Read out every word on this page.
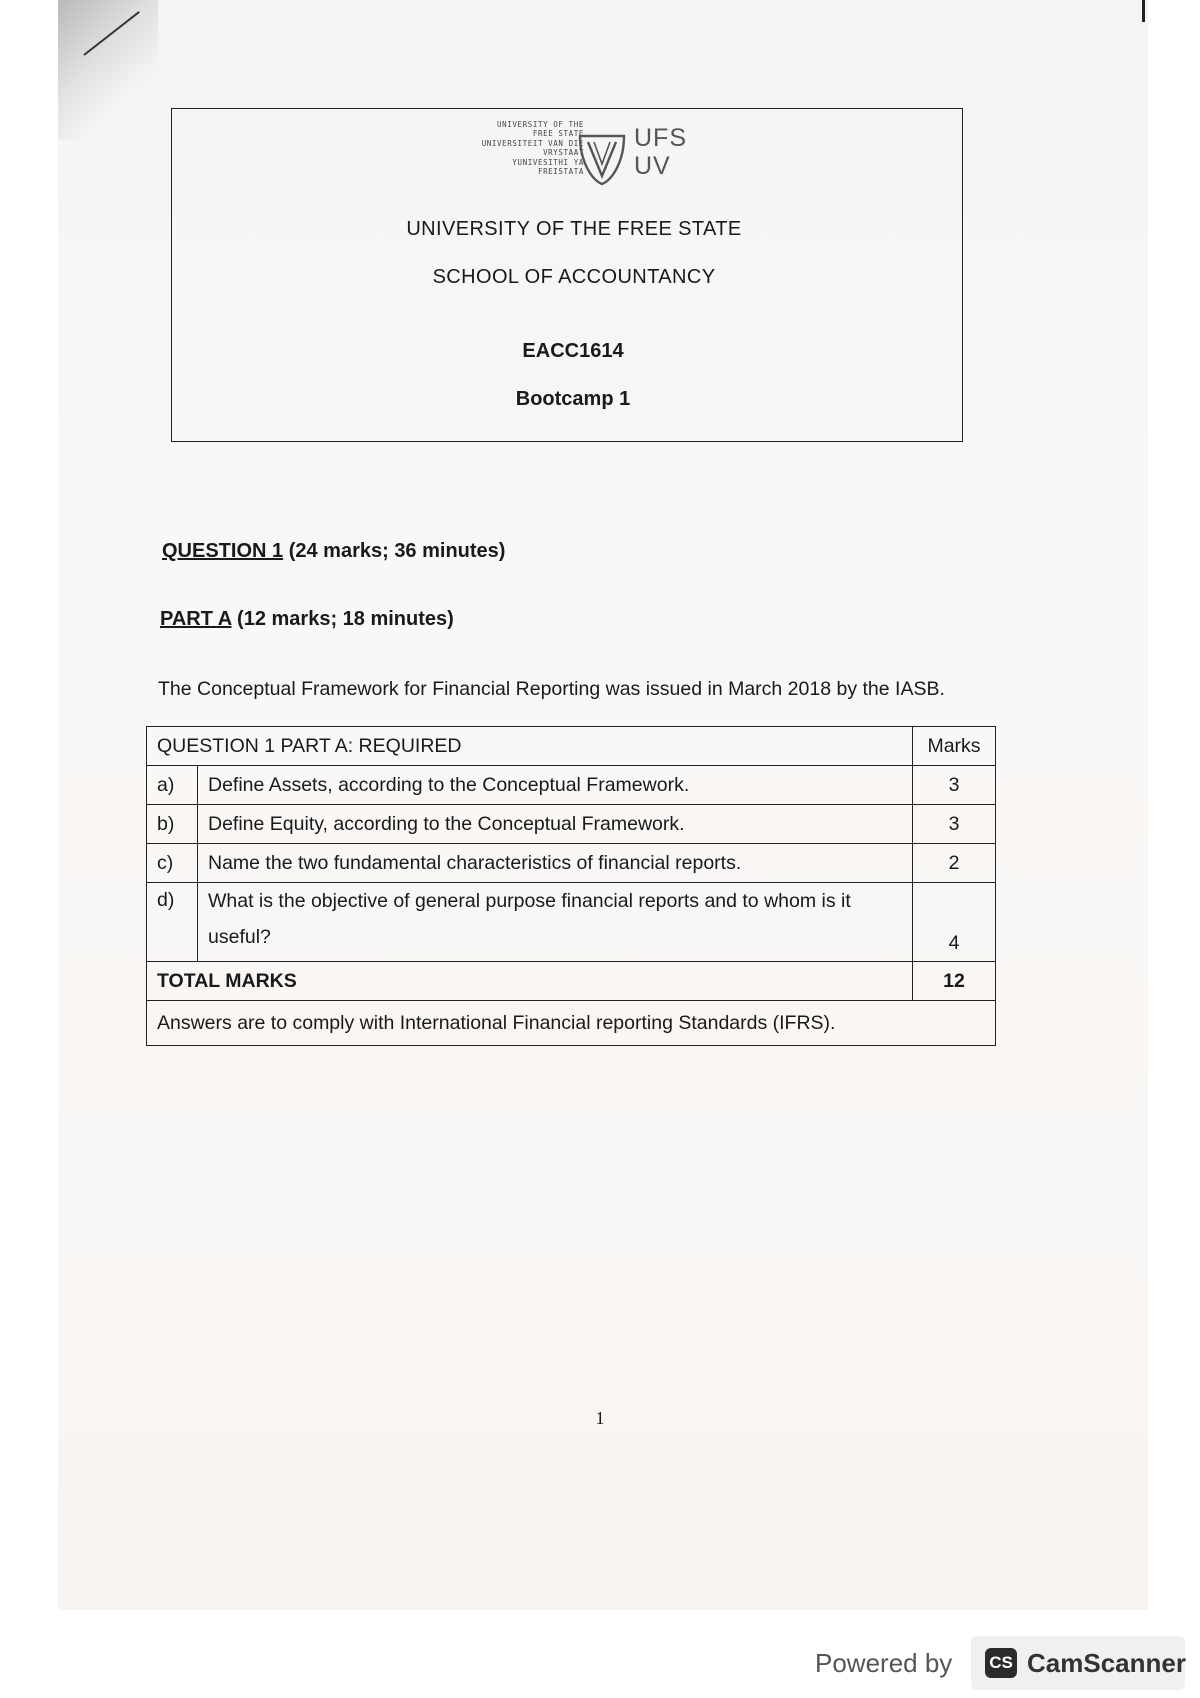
UNIVERSITY OF THE
FREE STATE
UNIVERSITEIT VAN DIE
VRYSTAAT
YUNIVESITHI YA
FREISTATA
UFS
UV
UNIVERSITY OF THE FREE STATE
SCHOOL OF ACCOUNTANCY
EACC1614
Bootcamp 1
QUESTION 1 (24 marks; 36 minutes)
PART A (12 marks; 18 minutes)
The Conceptual Framework for Financial Reporting was issued in March 2018 by the IASB.
QUESTION 1 PART A: REQUIRED		Marks
a)	Define Assets, according to the Conceptual Framework.	3
b)	Define Equity, according to the Conceptual Framework.	3
c)	Name the two fundamental characteristics of financial reports.	2
d)	What is the objective of general purpose financial reports and to whom is it useful?	4
TOTAL MARKS		12
Answers are to comply with International Financial reporting Standards (IFRS).		
1
Powered by CS CamScanner
